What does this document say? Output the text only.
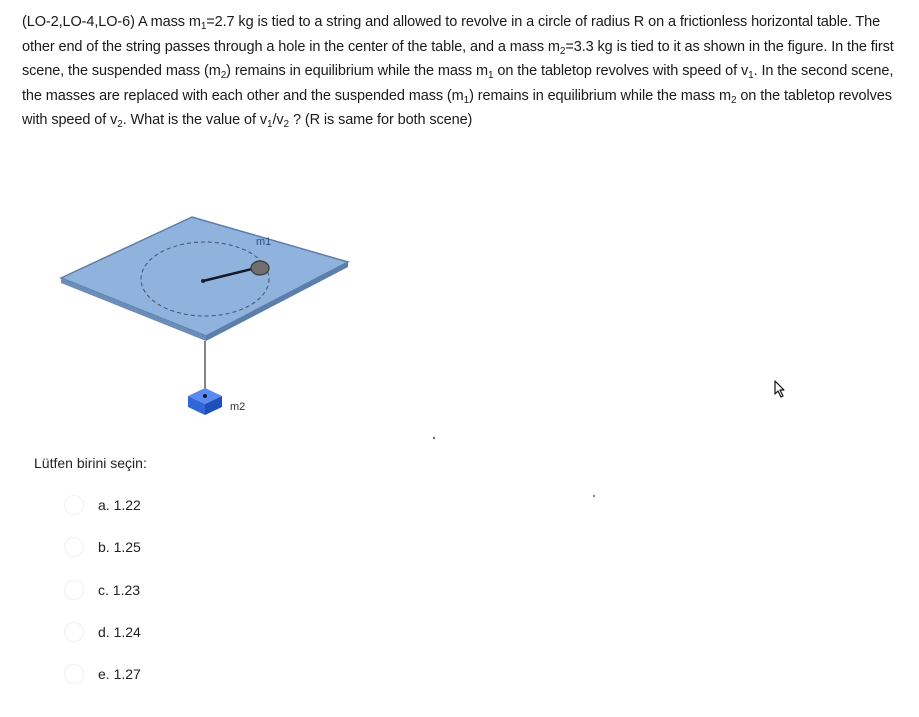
(LO-2,LO-4,LO-6) A mass $m_1=2.7$ kg is tied to a string and allowed to revolve in a circle of radius R on a frictionless horizontal table. The other end of the string passes through a hole in the center of the table, and a mass $m_2=3.3$ kg is tied to it as shown in the figure. In the first scene, the suspended mass $(m_2)$ remains in equilibrium while the mass $m_1$ on the tabletop revolves with speed of $v_1$. In the second scene, the masses are replaced with each other and the suspended mass $(m_1)$ remains in equilibrium while the mass $m_2$ on the tabletop revolves with speed of $v_2$. What is the value of $v_1/v_2$ ? (R is same for both scene)
m1
m2
Lütfen birini seçin:
a. 1.22
b. 1.25
c. 1.23
d. 1.24
e. 1.27
